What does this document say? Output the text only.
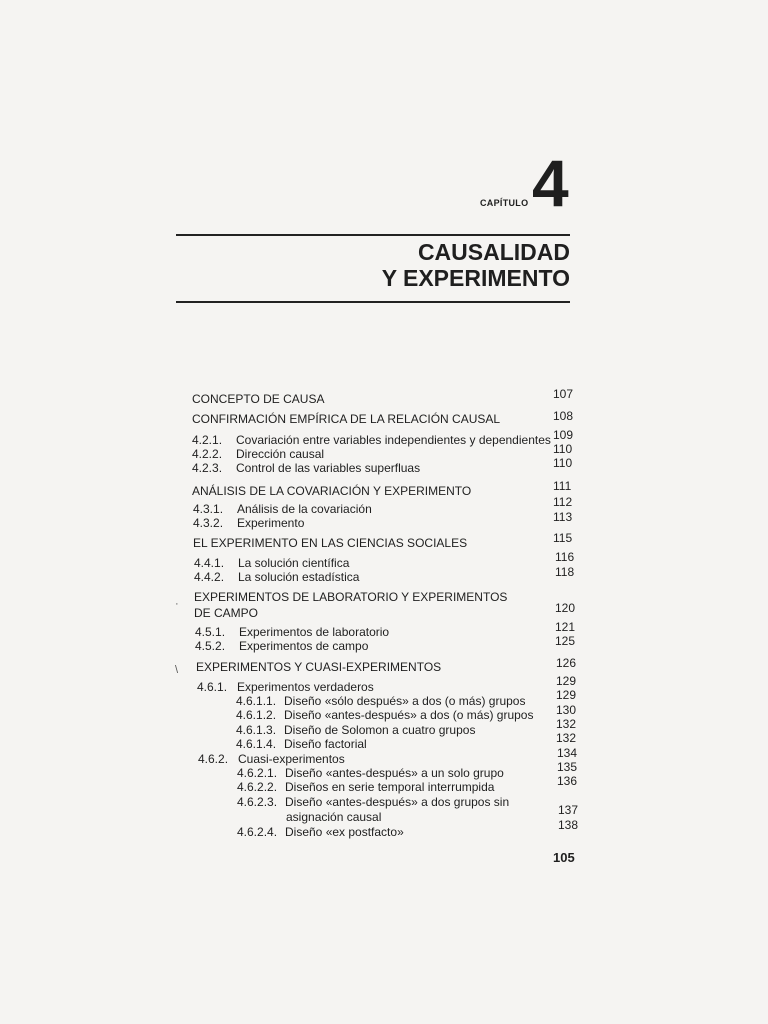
CAPÍTULO 4
CAUSALIDAD
Y EXPERIMENTO
CONCEPTO DE CAUSA	107
CONFIRMACIÓN EMPÍRICA DE LA RELACIÓN CAUSAL	108
4.2.1. Covariación entre variables independientes y dependientes 109
4.2.2. Dirección causal	110
4.2.3. Control de las variables superfluas	110
ANÁLISIS DE LA COVARIACIÓN Y EXPERIMENTO	111
4.3.1. Análisis de la covariación	112
4.3.2. Experimento	113
EL EXPERIMENTO EN LAS CIENCIAS SOCIALES	115
4.4.1. La solución científica	116
4.4.2. La solución estadística	118
EXPERIMENTOS DE LABORATORIO Y EXPERIMENTOS
DE CAMPO	120
4.5.1. Experimentos de laboratorio	121
4.5.2. Experimentos de campo	125
EXPERIMENTOS Y CUASI-EXPERIMENTOS	126
4.6.1. Experimentos verdaderos	129
4.6.1.1. Diseño «sólo después» a dos (o más) grupos	129
4.6.1.2. Diseño «antes-después» a dos (o más) grupos 130
4.6.1.3. Diseño de Solomon a cuatro grupos	132
4.6.1.4. Diseño factorial	132
4.6.2. Cuasi-experimentos	134
4.6.2.1. Diseño «antes-después» a un solo grupo	135
4.6.2.2. Diseños en serie temporal interrumpida	136
4.6.2.3. Diseño «antes-después» a dos grupos sin
asignación causal	137
4.6.2.4. Diseño «ex postfacto»	138
·
\
105
